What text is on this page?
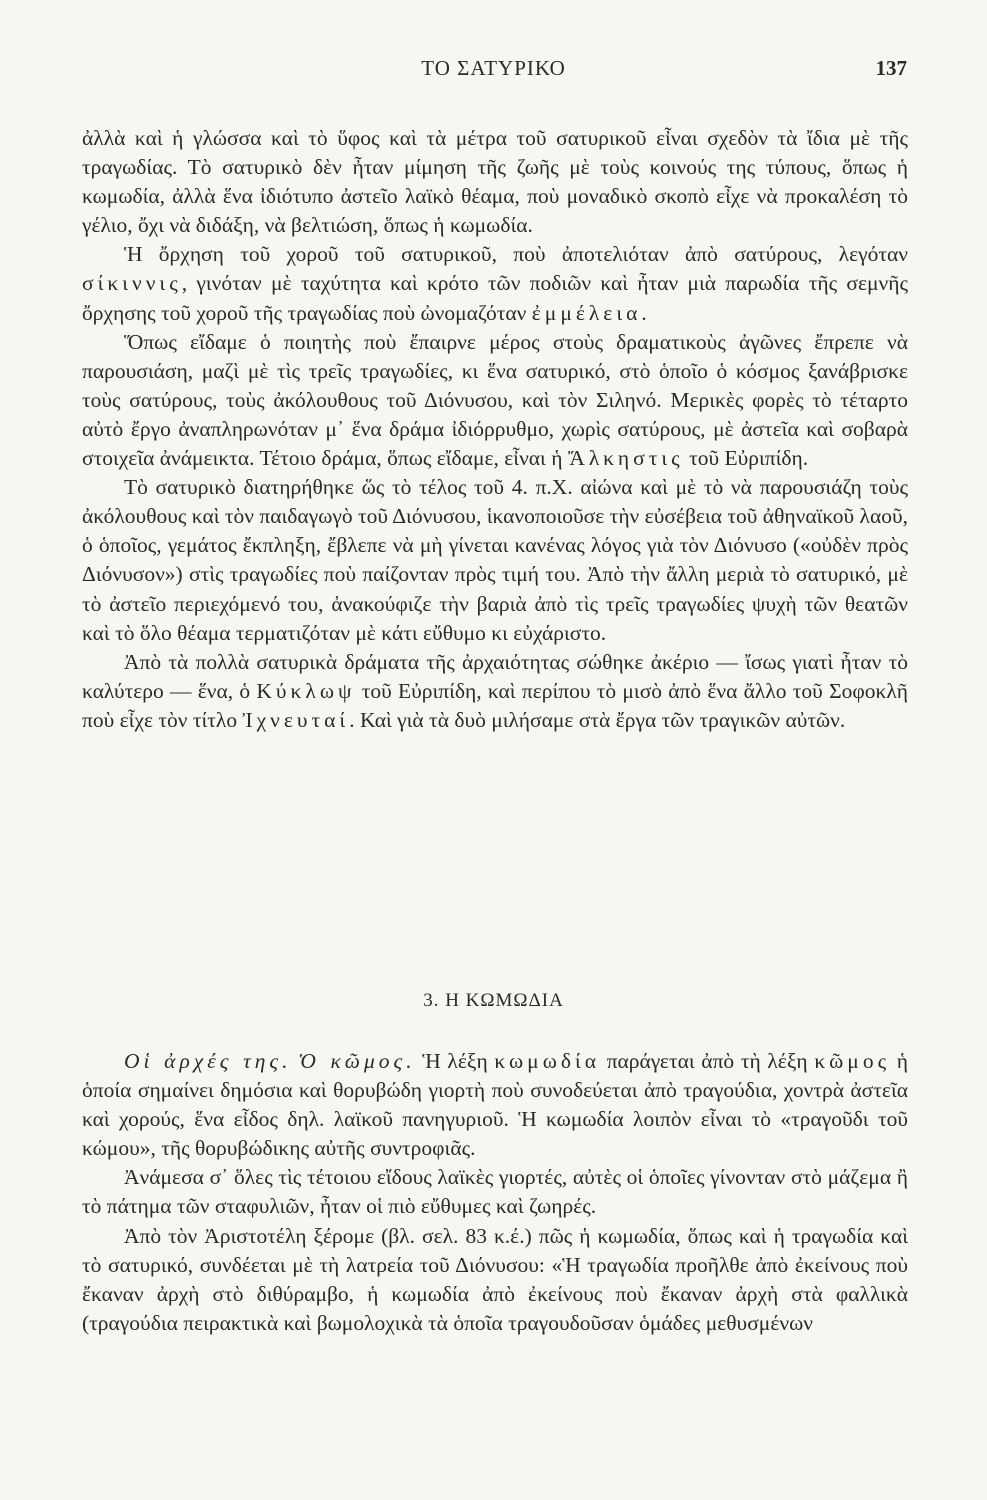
ΤΟ ΣΑΤΥΡΙΚΟ	137

ἀλλὰ καὶ ἡ γλώσσα καὶ τὸ ὕφος καὶ τὰ μέτρα τοῦ σατυρικοῦ εἶναι σχεδὸν τὰ ἴδια μὲ τῆς τραγωδίας. Τὸ σατυρικὸ δὲν ἦταν μίμηση τῆς ζωῆς μὲ τοὺς κοινούς της τύπους, ὅπως ἡ κωμωδία, ἀλλὰ ἕνα ἰδιότυπο ἀστεῖο λαϊκὸ θέαμα, ποὺ μοναδικὸ σκοπὸ εἶχε νὰ προκαλέση τὸ γέλιο, ὄχι νὰ διδάξη, νὰ βελτιώση, ὅπως ἡ κωμωδία.

Ἡ ὄρχηση τοῦ χοροῦ τοῦ σατυρικοῦ, ποὺ ἀποτελιόταν ἀπὸ σατύρους, λεγόταν σίκιννις, γινόταν μὲ ταχύτητα καὶ κρότο τῶν ποδιῶν καὶ ἦταν μιὰ παρωδία τῆς σεμνῆς ὄρχησης τοῦ χοροῦ τῆς τραγωδίας ποὺ ὠνομαζόταν ἐμμέλεια.

Ὅπως εἴδαμε ὁ ποιητὴς ποὺ ἔπαιρνε μέρος στοὺς δραματικοὺς ἀγῶνες ἔπρεπε νὰ παρουσιάση, μαζὶ μὲ τὶς τρεῖς τραγωδίες, κι ἕνα σατυρικό, στὸ ὁποῖο ὁ κόσμος ξανάβρισκε τοὺς σατύρους, τοὺς ἀκόλουθους τοῦ Διόνυσου, καὶ τὸν Σιληνό. Μερικὲς φορὲς τὸ τέταρτο αὐτὸ ἔργο ἀναπληρωνόταν μ᾽ ἕνα δράμα ἰδιόρρυθμο, χωρὶς σατύρους, μὲ ἀστεῖα καὶ σοβαρὰ στοιχεῖα ἀνάμεικτα. Τέτοιο δράμα, ὅπως εἴδαμε, εἶναι ἡ Ἄλκηστις τοῦ Εὐριπίδη.

Τὸ σατυρικὸ διατηρήθηκε ὥς τὸ τέλος τοῦ 4. π.Χ. αἰώνα καὶ μὲ τὸ νὰ παρουσιάζη τοὺς ἀκόλουθους καὶ τὸν παιδαγωγὸ τοῦ Διόνυσου, ἱκανοποιοῦσε τὴν εὐσέβεια τοῦ ἀθηναϊκοῦ λαοῦ, ὁ ὁποῖος, γεμάτος ἔκπληξη, ἔβλεπε νὰ μὴ γίνεται κανένας λόγος γιὰ τὸν Διόνυσο («οὐδὲν πρὸς Διόνυσον») στὶς τραγωδίες ποὺ παίζονταν πρὸς τιμή του. Ἀπὸ τὴν ἄλλη μεριὰ τὸ σατυρικό, μὲ τὸ ἀστεῖο περιεχόμενό του, ἀνακούφιζε τὴν βαριὰ ἀπὸ τὶς τρεῖς τραγωδίες ψυχὴ τῶν θεατῶν καὶ τὸ ὅλο θέαμα τερματιζόταν μὲ κάτι εὔθυμο κι εὐχάριστο.

Ἀπὸ τὰ πολλὰ σατυρικὰ δράματα τῆς ἀρχαιότητας σώθηκε ἀκέριο — ἴσως γιατὶ ἦταν τὸ καλύτερο — ἕνα, ὁ Κύκλωψ τοῦ Εὐριπίδη, καὶ περίπου τὸ μισὸ ἀπὸ ἕνα ἄλλο τοῦ Σοφοκλῆ ποὺ εἶχε τὸν τίτλο Ἰχνευταί. Καὶ γιὰ τὰ δυὸ μιλήσαμε στὰ ἔργα τῶν τραγικῶν αὐτῶν.

3. Η ΚΩΜΩΔΙΑ

Οἱ ἀρχές της. Ὁ κῶμος. Ἡ λέξη κωμωδία παράγεται ἀπὸ τὴ λέξη κῶμος ἡ ὁποία σημαίνει δημόσια καὶ θορυβώδη γιορτὴ ποὺ συνοδεύεται ἀπὸ τραγούδια, χοντρὰ ἀστεῖα καὶ χορούς, ἕνα εἶδος δηλ. λαϊκοῦ πανηγυριοῦ. Ἡ κωμωδία λοιπὸν εἶναι τὸ «τραγοῦδι τοῦ κώμου», τῆς θορυβώδικης αὐτῆς συντροφιᾶς.

Ἀνάμεσα σ᾽ ὅλες τὶς τέτοιου εἴδους λαϊκὲς γιορτές, αὐτὲς οἱ ὁποῖες γίνονταν στὸ μάζεμα ἢ τὸ πάτημα τῶν σταφυλιῶν, ἦταν οἱ πιὸ εὔθυμες καὶ ζωηρές.

Ἀπὸ τὸν Ἀριστοτέλη ξέρομε (βλ. σελ. 83 κ.έ.) πῶς ἡ κωμωδία, ὅπως καὶ ἡ τραγωδία καὶ τὸ σατυρικό, συνδέεται μὲ τὴ λατρεία τοῦ Διόνυσου: «Ἡ τραγωδία προῆλθε ἀπὸ ἐκείνους ποὺ ἔκαναν ἀρχὴ στὸ διθύραμβο, ἡ κωμωδία ἀπὸ ἐκείνους ποὺ ἔκαναν ἀρχὴ στὰ φαλλικὰ (τραγούδια πειρακτικὰ καὶ βωμολοχικὰ τὰ ὁποῖα τραγουδοῦσαν ὁμάδες μεθυσμένων
